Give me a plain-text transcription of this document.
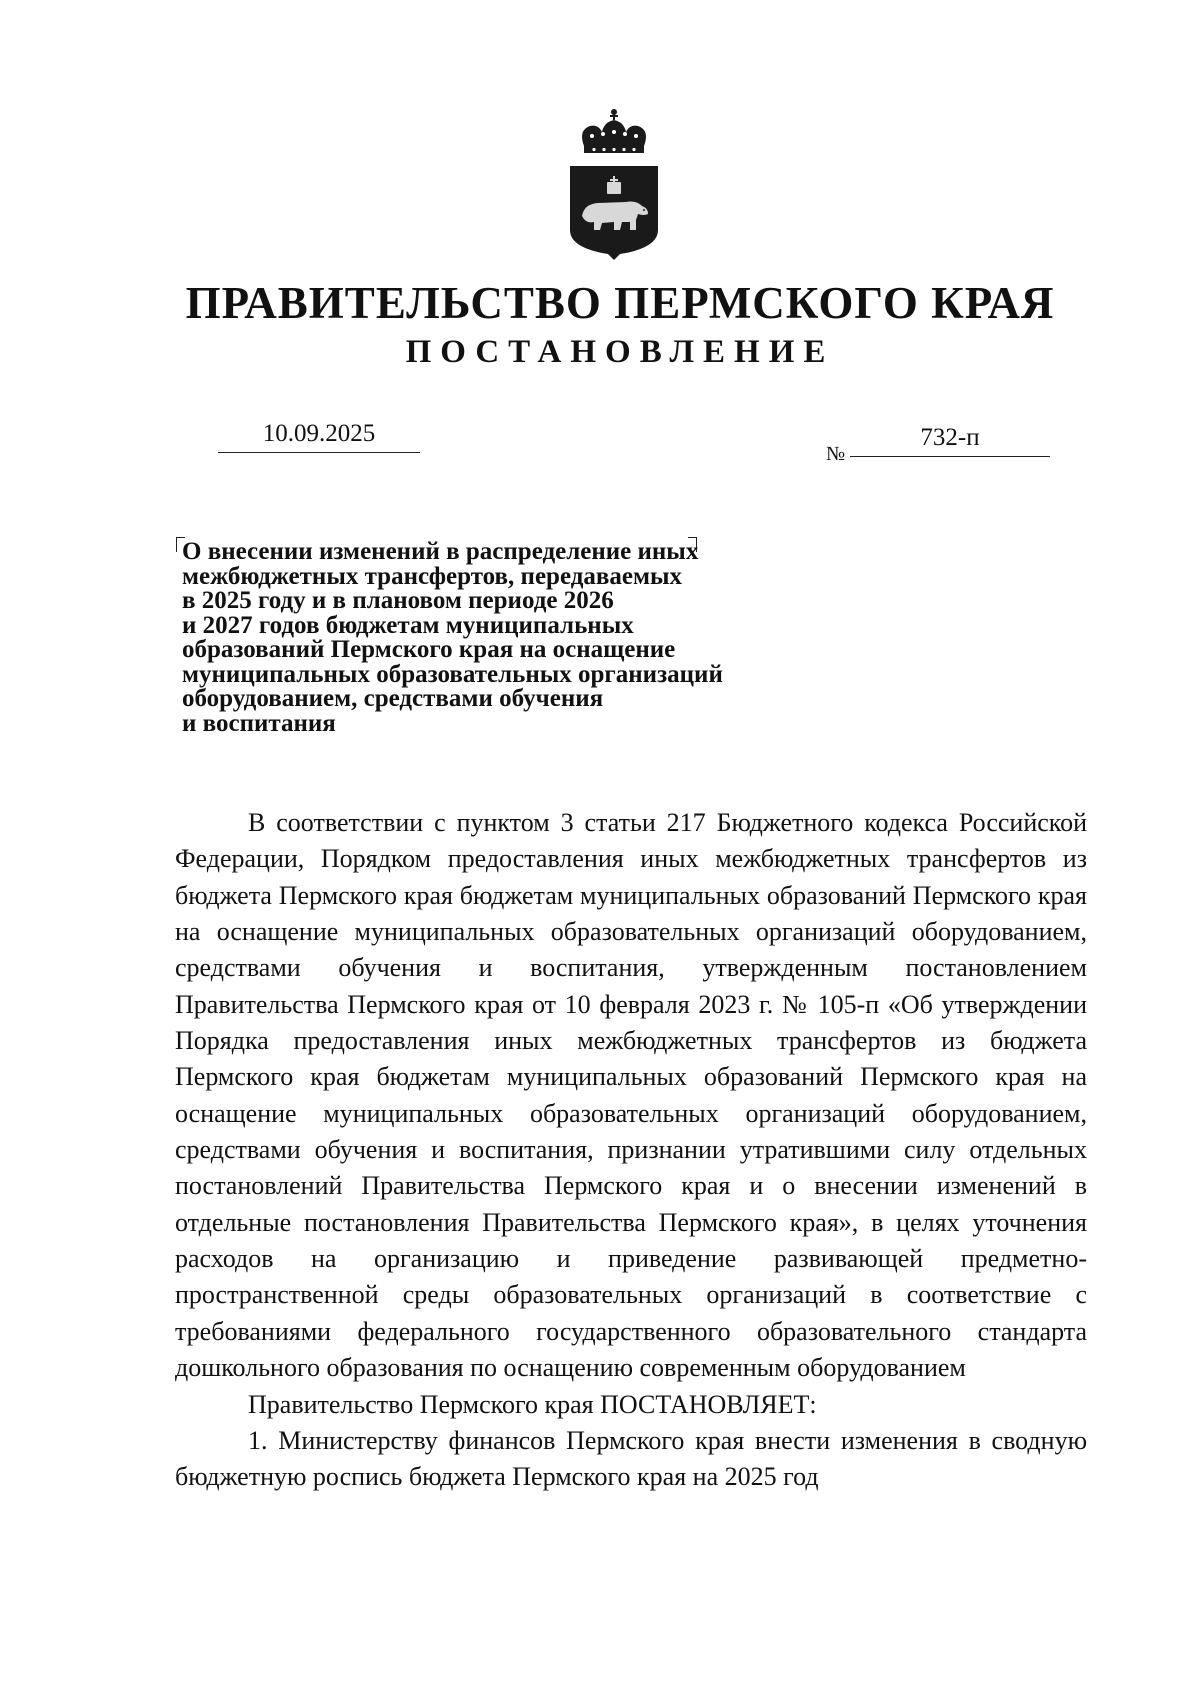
ПРАВИТЕЛЬСТВО ПЕРМСКОГО КРАЯ
ПОСТАНОВЛЕНИЕ
10.09.2025
№
732-п
О внесении изменений в распределение иных
межбюджетных трансфертов, передаваемых
в 2025 году и в плановом периоде 2026
и 2027 годов бюджетам муниципальных
образований Пермского края на оснащение
муниципальных образовательных организаций
оборудованием, средствами обучения
и воспитания

В соответствии с пунктом 3 статьи 217 Бюджетного кодекса Российской Федерации, Порядком предоставления иных межбюджетных трансфертов из бюджета Пермского края бюджетам муниципальных образований Пермского края на оснащение муниципальных образовательных организаций оборудованием, средствами обучения и воспитания, утвержденным постановлением Правительства Пермского края от 10 февраля 2023 г. № 105-п «Об утверждении Порядка предоставления иных межбюджетных трансфертов из бюджета Пермского края бюджетам муниципальных образований Пермского края на оснащение муниципальных образовательных организаций оборудованием, средствами обучения и воспитания, признании утратившими силу отдельных постановлений Правительства Пермского края и о внесении изменений в отдельные постановления Правительства Пермского края», в целях уточнения расходов на организацию и приведение развивающей предметно-пространственной среды образовательных организаций в соответствие с требованиями федерального государственного образовательного стандарта дошкольного образования по оснащению современным оборудованием

Правительство Пермского края ПОСТАНОВЛЯЕТ:

1. Министерству финансов Пермского края внести изменения в сводную бюджетную роспись бюджета Пермского края на 2025 год
